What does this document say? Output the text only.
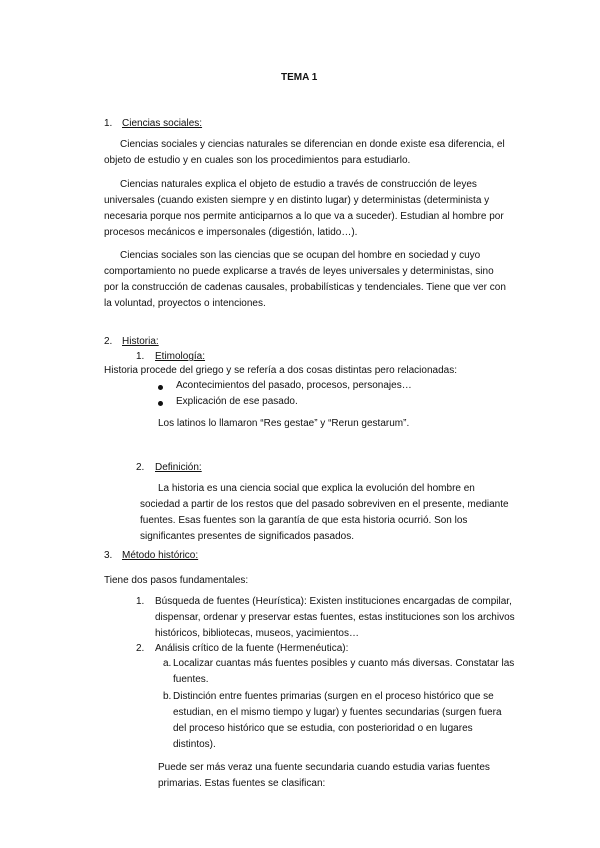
TEMA 1
1. Ciencias sociales:
Ciencias sociales y ciencias naturales se diferencian en donde existe esa diferencia, el
objeto de estudio y en cuales son los procedimientos para estudiarlo.
Ciencias naturales explica el objeto de estudio a través de construcción de leyes
universales (cuando existen siempre y en distinto lugar) y deterministas (determinista y
necesaria porque nos permite anticiparnos a lo que va a suceder). Estudian al hombre por
procesos mecánicos e impersonales (digestión, latido…).
Ciencias sociales son las ciencias que se ocupan del hombre en sociedad y cuyo
comportamiento no puede explicarse a través de leyes universales y deterministas, sino
por la construcción de cadenas causales, probabilísticas y tendenciales. Tiene que ver con
la voluntad, proyectos o intenciones.
2. Historia:
1. Etimología:
Historia procede del griego y se refería a dos cosas distintas pero relacionadas:
Acontecimientos del pasado, procesos, personajes…
Explicación de ese pasado.
Los latinos lo llamaron “Res gestae” y “Rerun gestarum”.
2. Definición:
La historia es una ciencia social que explica la evolución del hombre en
sociedad a partir de los restos que del pasado sobreviven en el presente, mediante
fuentes. Esas fuentes son la garantía de que esta historia ocurrió. Son los
significantes presentes de significados pasados.
3. Método histórico:
Tiene dos pasos fundamentales:
1. Búsqueda de fuentes (Heurística): Existen instituciones encargadas de compilar,
dispensar, ordenar y preservar estas fuentes, estas instituciones son los archivos
históricos, bibliotecas, museos, yacimientos…
2. Análisis crítico de la fuente (Hermenéutica):
a. Localizar cuantas más fuentes posibles y cuanto más diversas. Constatar las
fuentes.
b. Distinción entre fuentes primarias (surgen en el proceso histórico que se
estudian, en el mismo tiempo y lugar) y fuentes secundarias (surgen fuera
del proceso histórico que se estudia, con posterioridad o en lugares
distintos).
Puede ser más veraz una fuente secundaria cuando estudia varias fuentes
primarias. Estas fuentes se clasifican:
